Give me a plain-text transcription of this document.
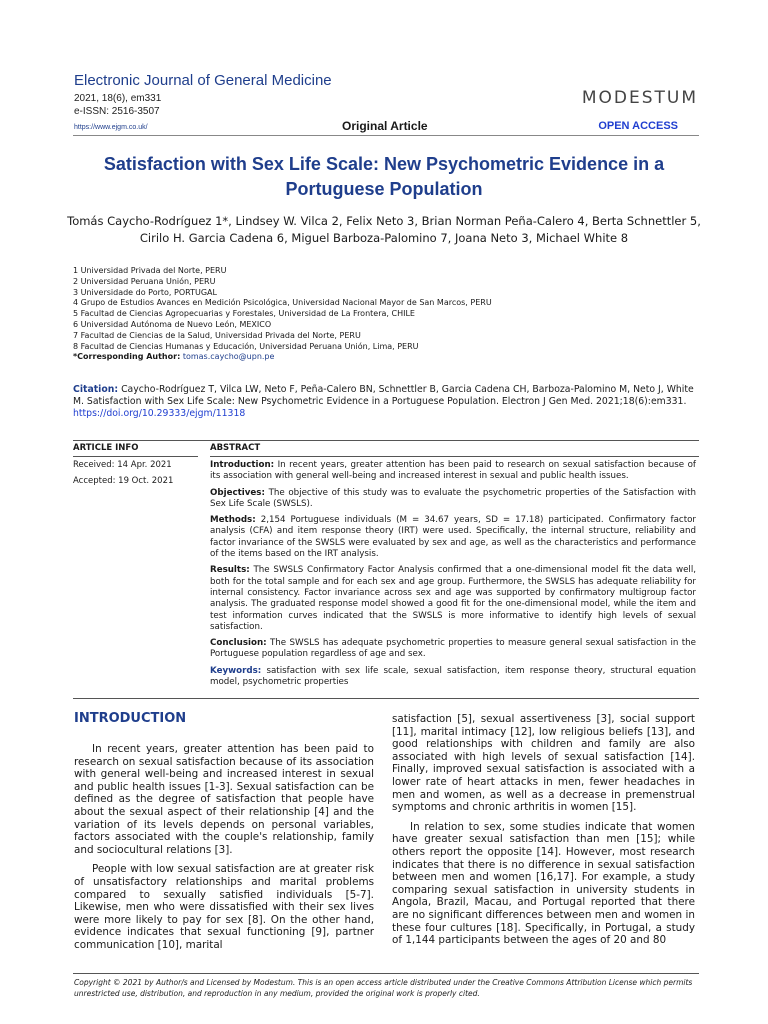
Electronic Journal of General Medicine
2021, 18(6), em331
e-ISSN: 2516-3507
https://www.ejgm.co.uk/
MODESTUM
Original Article	OPEN ACCESS
Satisfaction with Sex Life Scale: New Psychometric Evidence in a
Portuguese Population
Tomás Caycho-Rodríguez 1*, Lindsey W. Vilca 2, Felix Neto 3, Brian Norman Peña-Calero 4, Berta Schnettler 5,
Cirilo H. Garcia Cadena 6, Miguel Barboza-Palomino 7, Joana Neto 3, Michael White 8
1 Universidad Privada del Norte, PERU
2 Universidad Peruana Unión, PERU
3 Universidade do Porto, PORTUGAL
4 Grupo de Estudios Avances en Medición Psicológica, Universidad Nacional Mayor de San Marcos, PERU
5 Facultad de Ciencias Agropecuarias y Forestales, Universidad de La Frontera, CHILE
6 Universidad Autónoma de Nuevo León, MEXICO
7 Facultad de Ciencias de la Salud, Universidad Privada del Norte, PERU
8 Facultad de Ciencias Humanas y Educación, Universidad Peruana Unión, Lima, PERU
*Corresponding Author: tomas.caycho@upn.pe
Citation: Caycho-Rodríguez T, Vilca LW, Neto F, Peña-Calero BN, Schnettler B, Garcia Cadena CH, Barboza-Palomino M, Neto J, White M. Satisfaction with Sex Life Scale: New Psychometric Evidence in a Portuguese Population. Electron J Gen Med. 2021;18(6):em331. https://doi.org/10.29333/ejgm/11318
ARTICLE INFO	ABSTRACT
Received: 14 Apr. 2021
Accepted: 19 Oct. 2021

Introduction: In recent years, greater attention has been paid to research on sexual satisfaction because of its association with general well-being and increased interest in sexual and public health issues.

Objectives: The objective of this study was to evaluate the psychometric properties of the Satisfaction with Sex Life Scale (SWSLS).

Methods: 2,154 Portuguese individuals (M = 34.67 years, SD = 17.18) participated. Confirmatory factor analysis (CFA) and item response theory (IRT) were used. Specifically, the internal structure, reliability and factor invariance of the SWSLS were evaluated by sex and age, as well as the characteristics and performance of the items based on the IRT analysis.

Results: The SWSLS Confirmatory Factor Analysis confirmed that a one-dimensional model fit the data well, both for the total sample and for each sex and age group. Furthermore, the SWSLS has adequate reliability for internal consistency. Factor invariance across sex and age was supported by confirmatory multigroup factor analysis. The graduated response model showed a good fit for the one-dimensional model, while the item and test information curves indicated that the SWSLS is more informative to identify high levels of sexual satisfaction.

Conclusion: The SWSLS has adequate psychometric properties to measure general sexual satisfaction in the Portuguese population regardless of age and sex.

Keywords: satisfaction with sex life scale, sexual satisfaction, item response theory, structural equation model, psychometric properties

INTRODUCTION

In recent years, greater attention has been paid to research on sexual satisfaction because of its association with general well-being and increased interest in sexual and public health issues [1-3]. Sexual satisfaction can be defined as the degree of satisfaction that people have about the sexual aspect of their relationship [4] and the variation of its levels depends on personal variables, factors associated with the couple's relationship, family and sociocultural relations [3].

People with low sexual satisfaction are at greater risk of unsatisfactory relationships and marital problems compared to sexually satisfied individuals [5-7]. Likewise, men who were dissatisfied with their sex lives were more likely to pay for sex [8]. On the other hand, evidence indicates that sexual functioning [9], partner communication [10], marital

satisfaction [5], sexual assertiveness [3], social support [11], marital intimacy [12], low religious beliefs [13], and good relationships with children and family are also associated with high levels of sexual satisfaction [14]. Finally, improved sexual satisfaction is associated with a lower rate of heart attacks in men, fewer headaches in men and women, as well as a decrease in premenstrual symptoms and chronic arthritis in women [15].

In relation to sex, some studies indicate that women have greater sexual satisfaction than men [15]; while others report the opposite [14]. However, most research indicates that there is no difference in sexual satisfaction between men and women [16,17]. For example, a study comparing sexual satisfaction in university students in Angola, Brazil, Macau, and Portugal reported that there are no significant differences between men and women in these four cultures [18]. Specifically, in Portugal, a study of 1,144 participants between the ages of 20 and 80

Copyright © 2021 by Author/s and Licensed by Modestum. This is an open access article distributed under the Creative Commons Attribution License which permits unrestricted use, distribution, and reproduction in any medium, provided the original work is properly cited.
